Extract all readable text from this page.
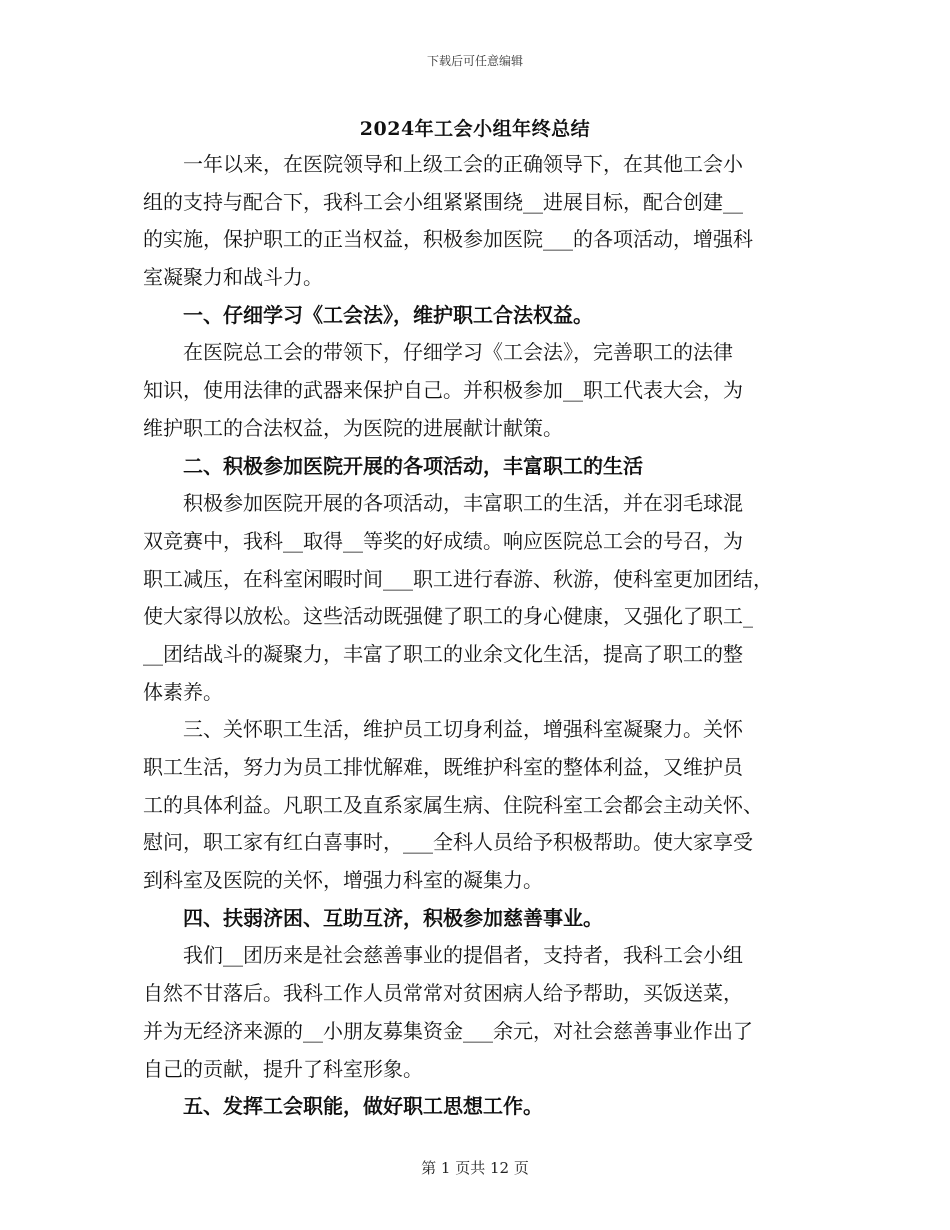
下载后可任意编辑
2024年工会小组年终总结
　　一年以来，在医院领导和上级工会的正确领导下，在其他工会小
组的支持与配合下，我科工会小组紧紧围绕__进展目标，配合创建__
的实施，保护职工的正当权益，积极参加医院___的各项活动，增强科
室凝聚力和战斗力。
　　一、仔细学习《工会法》，维护职工合法权益。
　　在医院总工会的带领下，仔细学习《工会法》，完善职工的法律
知识，使用法律的武器来保护自己。并积极参加__职工代表大会，为
维护职工的合法权益，为医院的进展献计献策。
　　二、积极参加医院开展的各项活动，丰富职工的生活
　　积极参加医院开展的各项活动，丰富职工的生活，并在羽毛球混
双竞赛中，我科__取得__等奖的好成绩。响应医院总工会的号召，为
职工减压，在科室闲暇时间___职工进行春游、秋游，使科室更加团结，
使大家得以放松。这些活动既强健了职工的身心健康，又强化了职工_
__团结战斗的凝聚力，丰富了职工的业余文化生活，提高了职工的整
体素养。
　　三、关怀职工生活，维护员工切身利益，增强科室凝聚力。关怀
职工生活，努力为员工排忧解难，既维护科室的整体利益，又维护员
工的具体利益。凡职工及直系家属生病、住院科室工会都会主动关怀、
慰问，职工家有红白喜事时，___全科人员给予积极帮助。使大家享受
到科室及医院的关怀，增强力科室的凝集力。
　　四、扶弱济困、互助互济，积极参加慈善事业。
　　我们__团历来是社会慈善事业的提倡者，支持者，我科工会小组
自然不甘落后。我科工作人员常常对贫困病人给予帮助，买饭送菜，
并为无经济来源的__小朋友募集资金___余元，对社会慈善事业作出了
自己的贡献，提升了科室形象。
　　五、发挥工会职能，做好职工思想工作。
第 1 页共 12 页
